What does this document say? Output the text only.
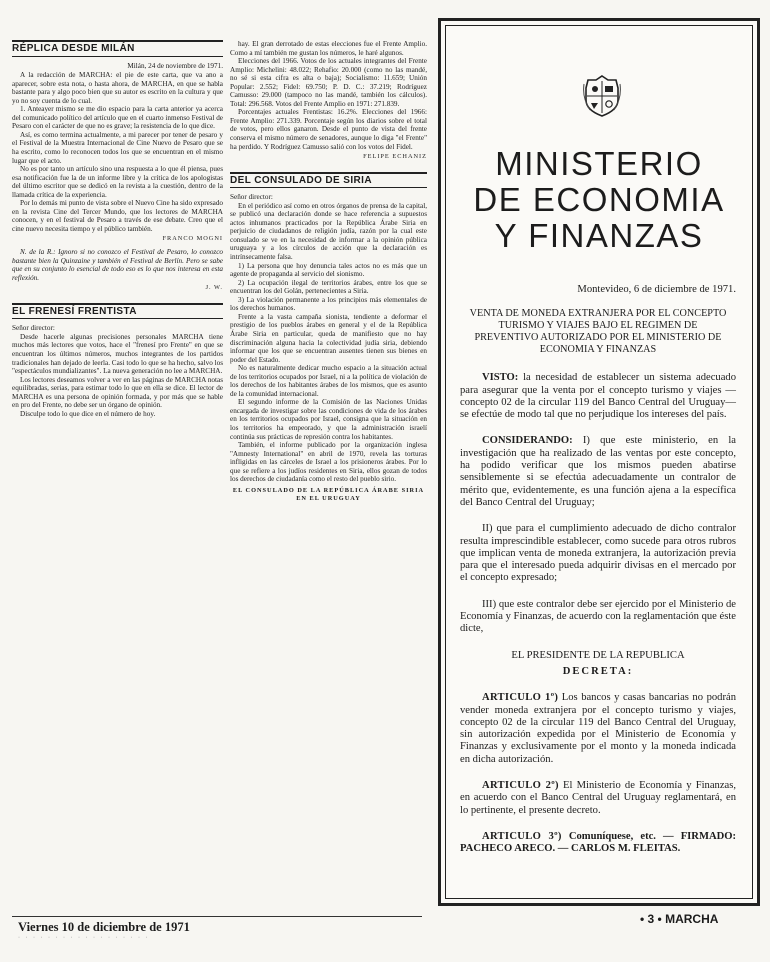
RÉPLICA DESDE MILÁN
Milán, 24 de noviembre de 1971.

A la redacción de MARCHA: el pie de este carta, que va ano a aparecer, sobre esta nota, o hasta ahora, de MARCHA, en que se habla bastante para y algo poco bien que su autor es escrito en la cultura y que yo no soy cuenta de lo cual.

1. Anteayer mismo se me dio espacio para la carta anterior ya acerca del comunicado político del artículo que en el cuarto inmenso Festival de Pesaro con el carácter de que no es grave; la resistencia de lo que dice.

Así, es como termina actualmente, a mi parecer por tener de pesaro y el Festival de la Muestra Internacional de Cine Nuevo de Pesaro que se ha escrito, como lo reconocen todos los que se encuentran en el mismo lugar que el acto.

No es por tanto un artículo sino una respuesta a lo que él piensa, pues esa notificación fue la de un informe libre y la crítica de los apologistas del último escritor que se dedicó en la revista a la cuestión, dentro de la llamada crítica de la experiencia.

Por lo demás mi punto de vista sobre el Nuevo Cine ha sido expresado en la revista Cine del Tercer Mundo, que los lectores de MARCHA conocen, y en el festival de Pesaro a través de ese debate. Creo que el cine nuevo necesita tiempo y el público también.

FRANCO MOGNI

N. de la R.: Ignoro si no conozco el Festival de Pesaro, lo conozco bastante bien la Quinzaine y también el Festival de Berlín. Pero se sabe que en su conjunto lo esencial de todo eso es lo que nos interesa en esta reflexión.

J. W.
EL FRENESÍ FRENTISTA
Señor director:

Desde hacerle algunas precisiones personales MARCHA tiene muchos más lectores que votos, hace el "frenesí pro Frente" en que se encuentran los últimos números, muchos integrantes de los partidos tradicionales han dejado de leerla. Casi todo lo que se ha hecho, salvo los "espectáculos mundializantes". La nueva generación no lee a MARCHA.

Los lectores deseamos volver a ver en las páginas de MARCHA notas equilibradas, serias, para estimar todo lo que en ella se dice. El lector de MARCHA es una persona de opinión formada, y por más que se hable en pro del Frente, no debe ser un órgano de opinión.

Disculpe todo lo que dice en el número de hoy.

hay. El gran derrotado de estas elecciones fue el Frente Amplio. Como a mí también me gustan los números, le haré algunos.

Elecciones del 1966. Votos de los actuales integrantes del Frente Amplio: Michelini: 48.022; Rehafio: 20.000 (como no las mandé, no sé si esta cifra es alta o baja); Socialismo: 11.659; Unión Popular: 2.552; Fidel: 69.750; P. D. C.: 37.219; Rodríguez Camusso: 29.000 (tampoco no las mandé, también los cálculos). Total: 296.568. Votos del Frente Amplio en 1971: 271.839.

Porcentajes actuales Frentistas: 16.2%. Elecciones del 1966: Frente Amplio: 271.339. Porcentaje según los diarios sobre el total de votos, pero ellos ganaron. Desde el punto de vista del frente conserva el mismo número de senadores, aunque lo diga "el Frente" ha perdido. Y Rodríguez Camusso salió con los votos del Fidel.

FELIPE ECHANIZ
DEL CONSULADO DE SIRIA
Señor director:

En el periódico así como en otros órganos de prensa de la capital, se publicó una declaración donde se hace referencia a supuestos actos inhumanos practicados por la República Árabe Siria en perjuicio de ciudadanos de religión judía, razón por la cual este consulado se ve en la necesidad de informar a la opinión pública uruguaya y a los círculos de acción que la declaración es intrínsecamente falsa.

1) La persona que hoy denuncia tales actos no es más que un agente de propaganda al servicio del sionismo.

2) La ocupación ilegal de territorios árabes, entre los que se encuentran los del Golán, pertenecientes a Siria.

3) La violación permanente a los principios más elementales de los derechos humanos.

Frente a la vasta campaña sionista, tendiente a deformar el prestigio de los pueblos árabes en general y el de la República Árabe Siria en particular, queda de manifiesto que no hay discriminación alguna hacia la colectividad judía siria, debiendo informar que los que se encuentran ausentes tienen sus bienes en poder del Estado.

No es naturalmente dedicar mucho espacio a la situación actual de los territorios ocupados por Israel, ni a la política de violación de los derechos de los habitantes árabes de los mismos, que es asunto de la comunidad internacional.

El segundo informe de la Comisión de las Naciones Unidas encargada de investigar sobre las condiciones de vida de los árabes en los territorios ocupados por Israel, consigna que la situación en los territorios ha empeorado, y que la administración israelí continúa sus prácticas de represión contra los habitantes.

También, el informe publicado por la organización inglesa "Amnesty International" en abril de 1970, revela las torturas infligidas en las cárceles de Israel a los prisioneros árabes. Por lo que se refiere a los judíos residentes en Siria, ellos gozan de todos los derechos de ciudadanía como el resto del pueblo sirio.

EL CONSULADO DE LA REPÚBLICA ÁRABE SIRIA EN EL URUGUAY
Viernes 10 de diciembre de 1971
· · · · · · · · · · · · · · · · · ·
MINISTERIO
DE ECONOMIA
Y FINANZAS
Montevideo, 6 de diciembre de 1971.
VENTA DE MONEDA EXTRANJERA POR EL CONCEPTO TURISMO Y VIAJES BAJO EL REGIMEN DE PREVENTIVO AUTORIZADO POR EL MINISTERIO DE ECONOMIA Y FINANZAS

VISTO: la necesidad de establecer un sistema adecuado para asegurar que la venta por el concepto turismo y viajes —concepto 02 de la circular 119 del Banco Central del Uruguay— se efectúe de modo tal que no perjudique los intereses del país.

CONSIDERANDO: I) que este ministerio, en la investigación que ha realizado de las ventas por este concepto, ha podido verificar que los mismos pueden abatirse sensiblemente si se efectúa adecuadamente un contralor de mérito que, evidentemente, es una función ajena a la específica del Banco Central del Uruguay;

II) que para el cumplimiento adecuado de dicho contralor resulta imprescindible establecer, como sucede para otros rubros que implican venta de moneda extranjera, la autorización previa para que el interesado pueda adquirir divisas en el mercado por el concepto expresado;

III) que este contralor debe ser ejercido por el Ministerio de Economía y Finanzas, de acuerdo con la reglamentación que éste dicte,

EL PRESIDENTE DE LA REPUBLICA
DECRETA:

ARTICULO 1º) Los bancos y casas bancarias no podrán vender moneda extranjera por el concepto turismo y viajes, concepto 02 de la circular 119 del Banco Central del Uruguay, sin autorización expedida por el Ministerio de Economía y Finanzas y exclusivamente por el monto y la moneda indicada en dicha autorización.

ARTICULO 2º) El Ministerio de Economía y Finanzas, en acuerdo con el Banco Central del Uruguay reglamentará, en lo pertinente, el presente decreto.

ARTICULO 3º) Comuníquese, etc. — FIRMADO: PACHECO ARECO. — CARLOS M. FLEITAS.

• 3 • MARCHA
